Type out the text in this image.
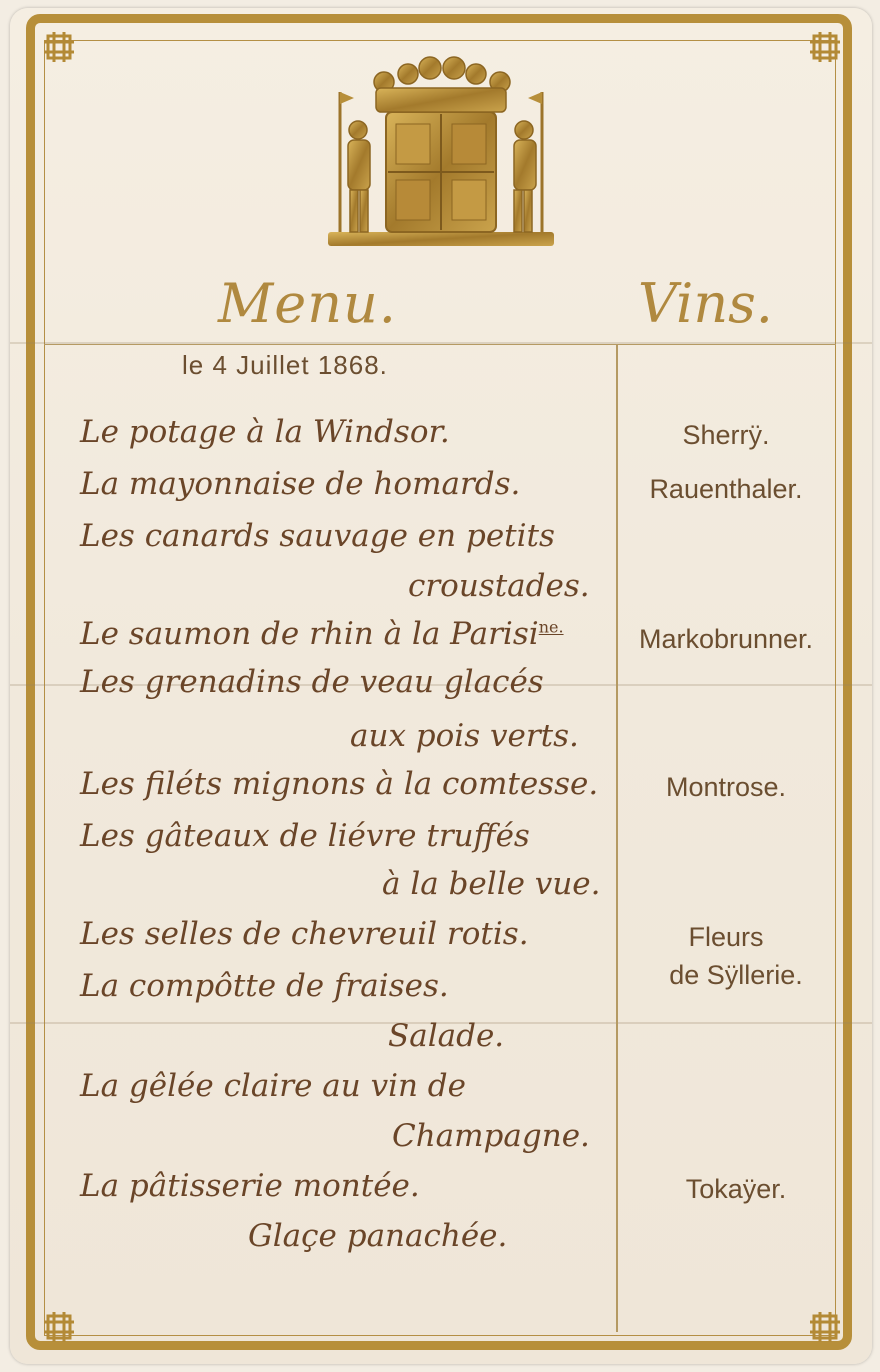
Menu.	Vins.
le 4 Juillet 1868.
Le potage à la Windsor.
La mayonnaise de homards.
Les canards sauvage en petits
croustades.
Le saumon de rhin à la Parisi$^{ne.}$
Les grenadins de veau glacés
aux pois verts.
Les filéts mignons à la comtesse.
Les gâteaux de liévre truffés
à la belle vue.
Les selles de chevreuil rotis.
La compôtte de fraises.
Salade.
La gêlée claire au vin de
Champagne.
La pâtisserie montée.
Glaçe panachée.
Sherrÿ.
Rauenthaler.
Markobrunner.
Montrose.
Fleurs
de Sÿllerie.
Tokaÿer.
